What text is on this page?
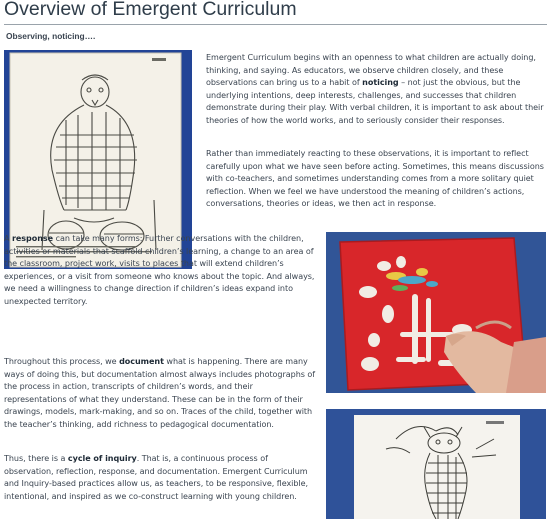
Overview of Emergent Curriculum
Observing, noticing….

Emergent Curriculum begins with an openness to what children are actually doing, thinking, and saying. As educators, we observe children closely, and these observations can bring us to a habit of noticing – not just the obvious, but the underlying intentions, deep interests, challenges, and successes that children demonstrate during their play. With verbal children, it is important to ask about their theories of how the world works, and to seriously consider their responses.

Rather than immediately reacting to these observations, it is important to reflect carefully upon what we have seen before acting. Sometimes, this means discussions with co-teachers, and sometimes understanding comes from a more solitary quiet reflection. When we feel we have understood the meaning of children’s actions, conversations, theories or ideas, we then act in response.

A response can take many forms: Further conversations with the children, activities or materials that scaffold children’s learning, a change to an area of the classroom, project work, visits to places that will extend children’s experiences, or a visit from someone who knows about the topic. And always, we need a willingness to change direction if children’s ideas expand into unexpected territory.

Throughout this process, we document what is happening. There are many ways of doing this, but documentation almost always includes photographs of the process in action, transcripts of children’s words, and their representations of what they understand. These can be in the form of their drawings, models, mark-making, and so on. Traces of the child, together with the teacher’s thinking, add richness to pedagogical documentation.

Thus, there is a cycle of inquiry. That is, a continuous process of observation, reflection, response, and documentation. Emergent Curriculum and Inquiry-based practices allow us, as teachers, to be responsive, flexible, intentional, and inspired as we co-construct learning with young children.
